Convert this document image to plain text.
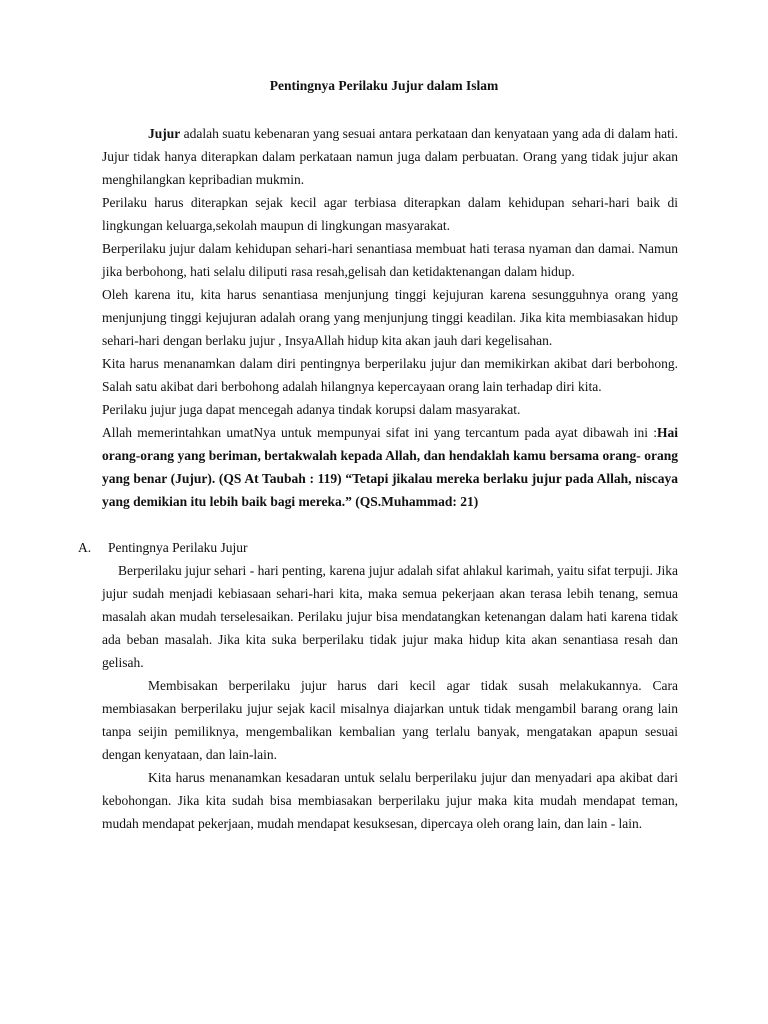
Pentingnya Perilaku Jujur dalam Islam

Jujur adalah suatu kebenaran yang sesuai antara perkataan dan kenyataan yang ada di dalam hati. Jujur tidak hanya diterapkan dalam perkataan namun juga dalam perbuatan. Orang yang tidak jujur akan menghilangkan kepribadian mukmin.

Perilaku harus diterapkan sejak kecil agar terbiasa diterapkan dalam kehidupan sehari-hari baik di lingkungan keluarga,sekolah maupun di lingkungan masyarakat.

Berperilaku jujur dalam kehidupan sehari-hari senantiasa membuat hati terasa nyaman dan damai. Namun jika berbohong, hati selalu diliputi rasa resah,gelisah dan ketidaktenangan dalam hidup.

Oleh karena itu, kita harus senantiasa menjunjung tinggi kejujuran karena sesungguhnya orang yang menjunjung tinggi kejujuran adalah orang yang menjunjung tinggi keadilan. Jika kita membiasakan hidup sehari-hari dengan berlaku jujur , InsyaAllah hidup kita akan jauh dari kegelisahan.

Kita harus menanamkan dalam diri pentingnya berperilaku jujur dan memikirkan akibat dari berbohong. Salah satu akibat dari berbohong adalah hilangnya kepercayaan orang lain terhadap diri kita.

Perilaku jujur juga dapat mencegah adanya tindak korupsi dalam masyarakat.

Allah memerintahkan umatNya untuk mempunyai sifat ini yang tercantum pada ayat dibawah ini :Hai orang-orang yang beriman, bertakwalah kepada Allah, dan hendaklah kamu bersama orang- orang yang benar (Jujur). (QS At Taubah : 119) “Tetapi jikalau mereka berlaku jujur pada Allah, niscaya yang demikian itu lebih baik bagi mereka.” (QS.Muhammad: 21)

A.	Pentingnya Perilaku Jujur

Berperilaku jujur sehari - hari penting, karena jujur adalah sifat ahlakul karimah, yaitu sifat terpuji. Jika jujur sudah menjadi kebiasaan sehari-hari kita, maka semua pekerjaan akan terasa lebih tenang, semua masalah akan mudah terselesaikan. Perilaku jujur bisa mendatangkan ketenangan dalam hati karena tidak ada beban masalah. Jika kita suka berperilaku tidak jujur maka hidup kita akan senantiasa resah dan gelisah.

Membisakan berperilaku jujur harus dari kecil agar tidak susah melakukannya. Cara membiasakan berperilaku jujur sejak kacil misalnya diajarkan untuk tidak mengambil barang orang lain tanpa seijin pemiliknya, mengembalikan kembalian yang terlalu banyak, mengatakan apapun sesuai dengan kenyataan, dan lain-lain.

Kita harus menanamkan kesadaran untuk selalu berperilaku jujur dan menyadari apa akibat dari kebohongan. Jika kita sudah bisa membiasakan berperilaku jujur maka kita mudah mendapat teman, mudah mendapat pekerjaan, mudah mendapat kesuksesan, dipercaya oleh orang lain, dan lain - lain.
